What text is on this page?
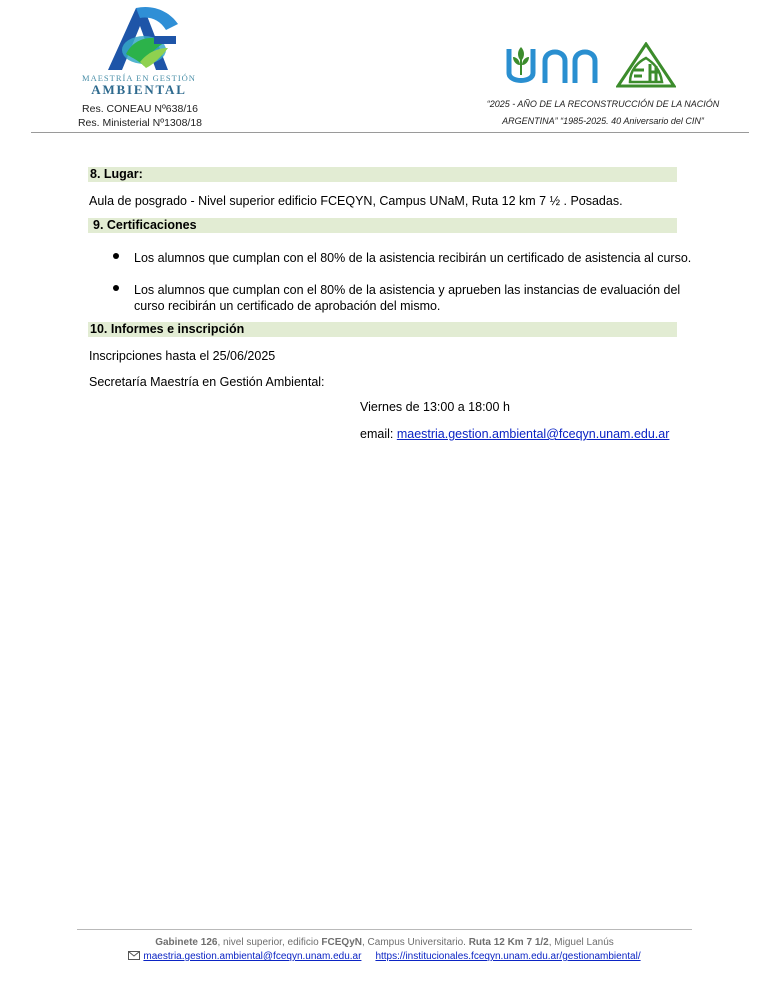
MAESTRÍA EN GESTIÓN
AMBIENTAL
Res. CONEAU Nº638/16
Res. Ministerial Nº1308/18
“2025 - AÑO DE LA RECONSTRUCCIÓN DE LA NACIÓN
ARGENTINA” “1985-2025. 40 Aniversario del CIN”
8. Lugar:
Aula de posgrado - Nivel superior edificio FCEQYN, Campus UNaM, Ruta 12 km 7 ½ . Posadas.
9. Certificaciones
Los alumnos que cumplan con el 80% de la asistencia recibirán un certificado de asistencia al curso.
Los alumnos que cumplan con el 80% de la asistencia y aprueben las instancias de evaluación del curso recibirán un certificado de aprobación del mismo.
10. Informes e inscripción
Inscripciones hasta el 25/06/2025
Secretaría Maestría en Gestión Ambiental:
Viernes de 13:00 a 18:00 h
email: maestria.gestion.ambiental@fceqyn.unam.edu.ar
Gabinete 126, nivel superior, edificio FCEQyN, Campus Universitario. Ruta 12 Km 7 1/2, Miguel Lanús
maestria.gestion.ambiental@fceqyn.unam.edu.ar https://institucionales.fceqyn.unam.edu.ar/gestionambiental/
